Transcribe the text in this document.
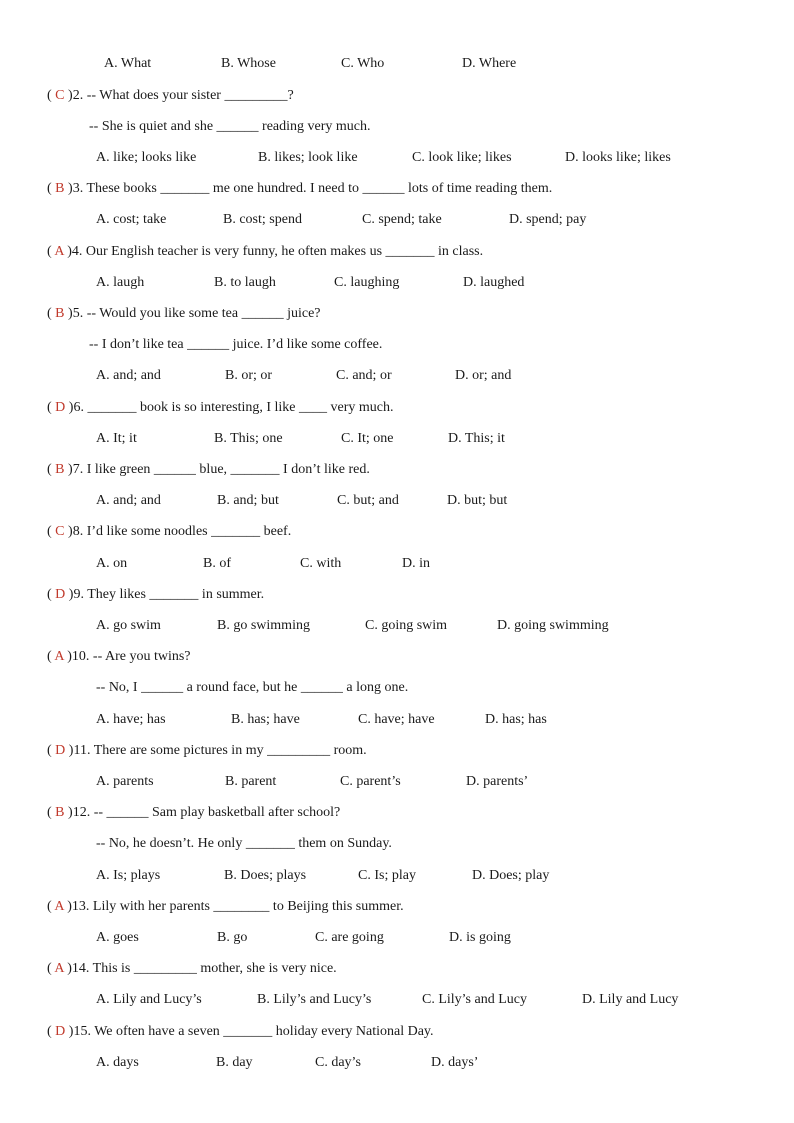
A. What	B. Whose	C. Who	D. Where
( C )2. -- What does your sister _________?
-- She is quiet and she ______ reading very much.
A. like; looks like	B. likes; look like	C. look like; likes	D. looks like; likes
( B )3. These books _______ me one hundred. I need to ______ lots of time reading them.
A. cost; take	B. cost; spend	C. spend; take	D. spend; pay
( A )4. Our English teacher is very funny, he often makes us _______ in class.
A. laugh	B. to laugh	C. laughing	D. laughed
( B )5. -- Would you like some tea ______ juice?
-- I don’t like tea ______ juice. I’d like some coffee.
A. and; and	B. or; or	C. and; or	D. or; and
( D )6. _______ book is so interesting, I like ____ very much.
A. It; it	B. This; one	C. It; one	D. This; it
( B )7. I like green ______ blue, _______ I don’t like red.
A. and; and	B. and; but	C. but; and	D. but; but
( C )8. I’d like some noodles _______ beef.
A. on	B. of	C. with	D. in
( D )9. They likes _______ in summer.
A. go swim	B. go swimming	C. going swim	D. going swimming
( A )10. -- Are you twins?
-- No, I ______ a round face, but he ______ a long one.
A. have; has	B. has; have	C. have; have	D. has; has
( D )11. There are some pictures in my _________ room.
A. parents	B. parent	C. parent’s	D. parents’
( B )12. -- ______ Sam play basketball after school?
-- No, he doesn’t. He only _______ them on Sunday.
A. Is; plays	B. Does; plays	C. Is; play	D. Does; play
( A )13. Lily with her parents ________ to Beijing this summer.
A. goes	B. go	C. are going	D. is going
( A )14. This is _________ mother, she is very nice.
A. Lily and Lucy’s	B. Lily’s and Lucy’s	C. Lily’s and Lucy	D. Lily and Lucy
( D )15. We often have a seven _______ holiday every National Day.
A. days	B. day	C. day’s	D. days’
